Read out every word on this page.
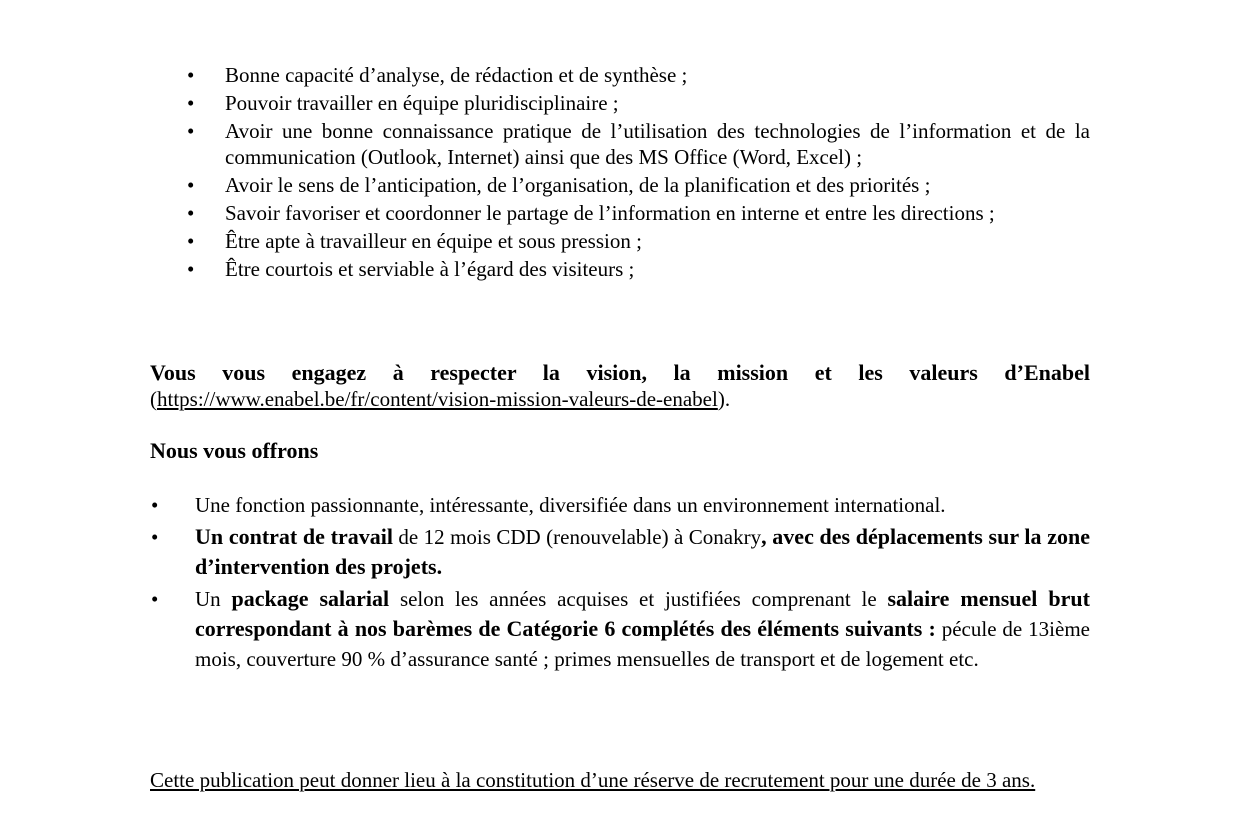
• Bonne capacité d’analyse, de rédaction et de synthèse ;
• Pouvoir travailler en équipe pluridisciplinaire ;
• Avoir une bonne connaissance pratique de l’utilisation des technologies de l’information et de la communication (Outlook, Internet) ainsi que des MS Office (Word, Excel) ;
• Avoir le sens de l’anticipation, de l’organisation, de la planification et des priorités ;
• Savoir favoriser et coordonner le partage de l’information en interne et entre les directions ;
• Être apte à travailleur en équipe et sous pression ;
• Être courtois et serviable à l’égard des visiteurs ;

Vous vous engagez à respecter la vision, la mission et les valeurs d’Enabel (https://www.enabel.be/fr/content/vision-mission-valeurs-de-enabel).

Nous vous offrons
• Une fonction passionnante, intéressante, diversifiée dans un environnement international.
• Un contrat de travail de 12 mois CDD (renouvelable) à Conakry, avec des déplacements sur la zone d’intervention des projets.
• Un package salarial selon les années acquises et justifiées comprenant le salaire mensuel brut correspondant à nos barèmes de Catégorie 6 complétés des éléments suivants : pécule de 13ième mois, couverture 90 % d’assurance santé ; primes mensuelles de transport et de logement etc.

Cette publication peut donner lieu à la constitution d’une réserve de recrutement pour une durée de 3 ans.
